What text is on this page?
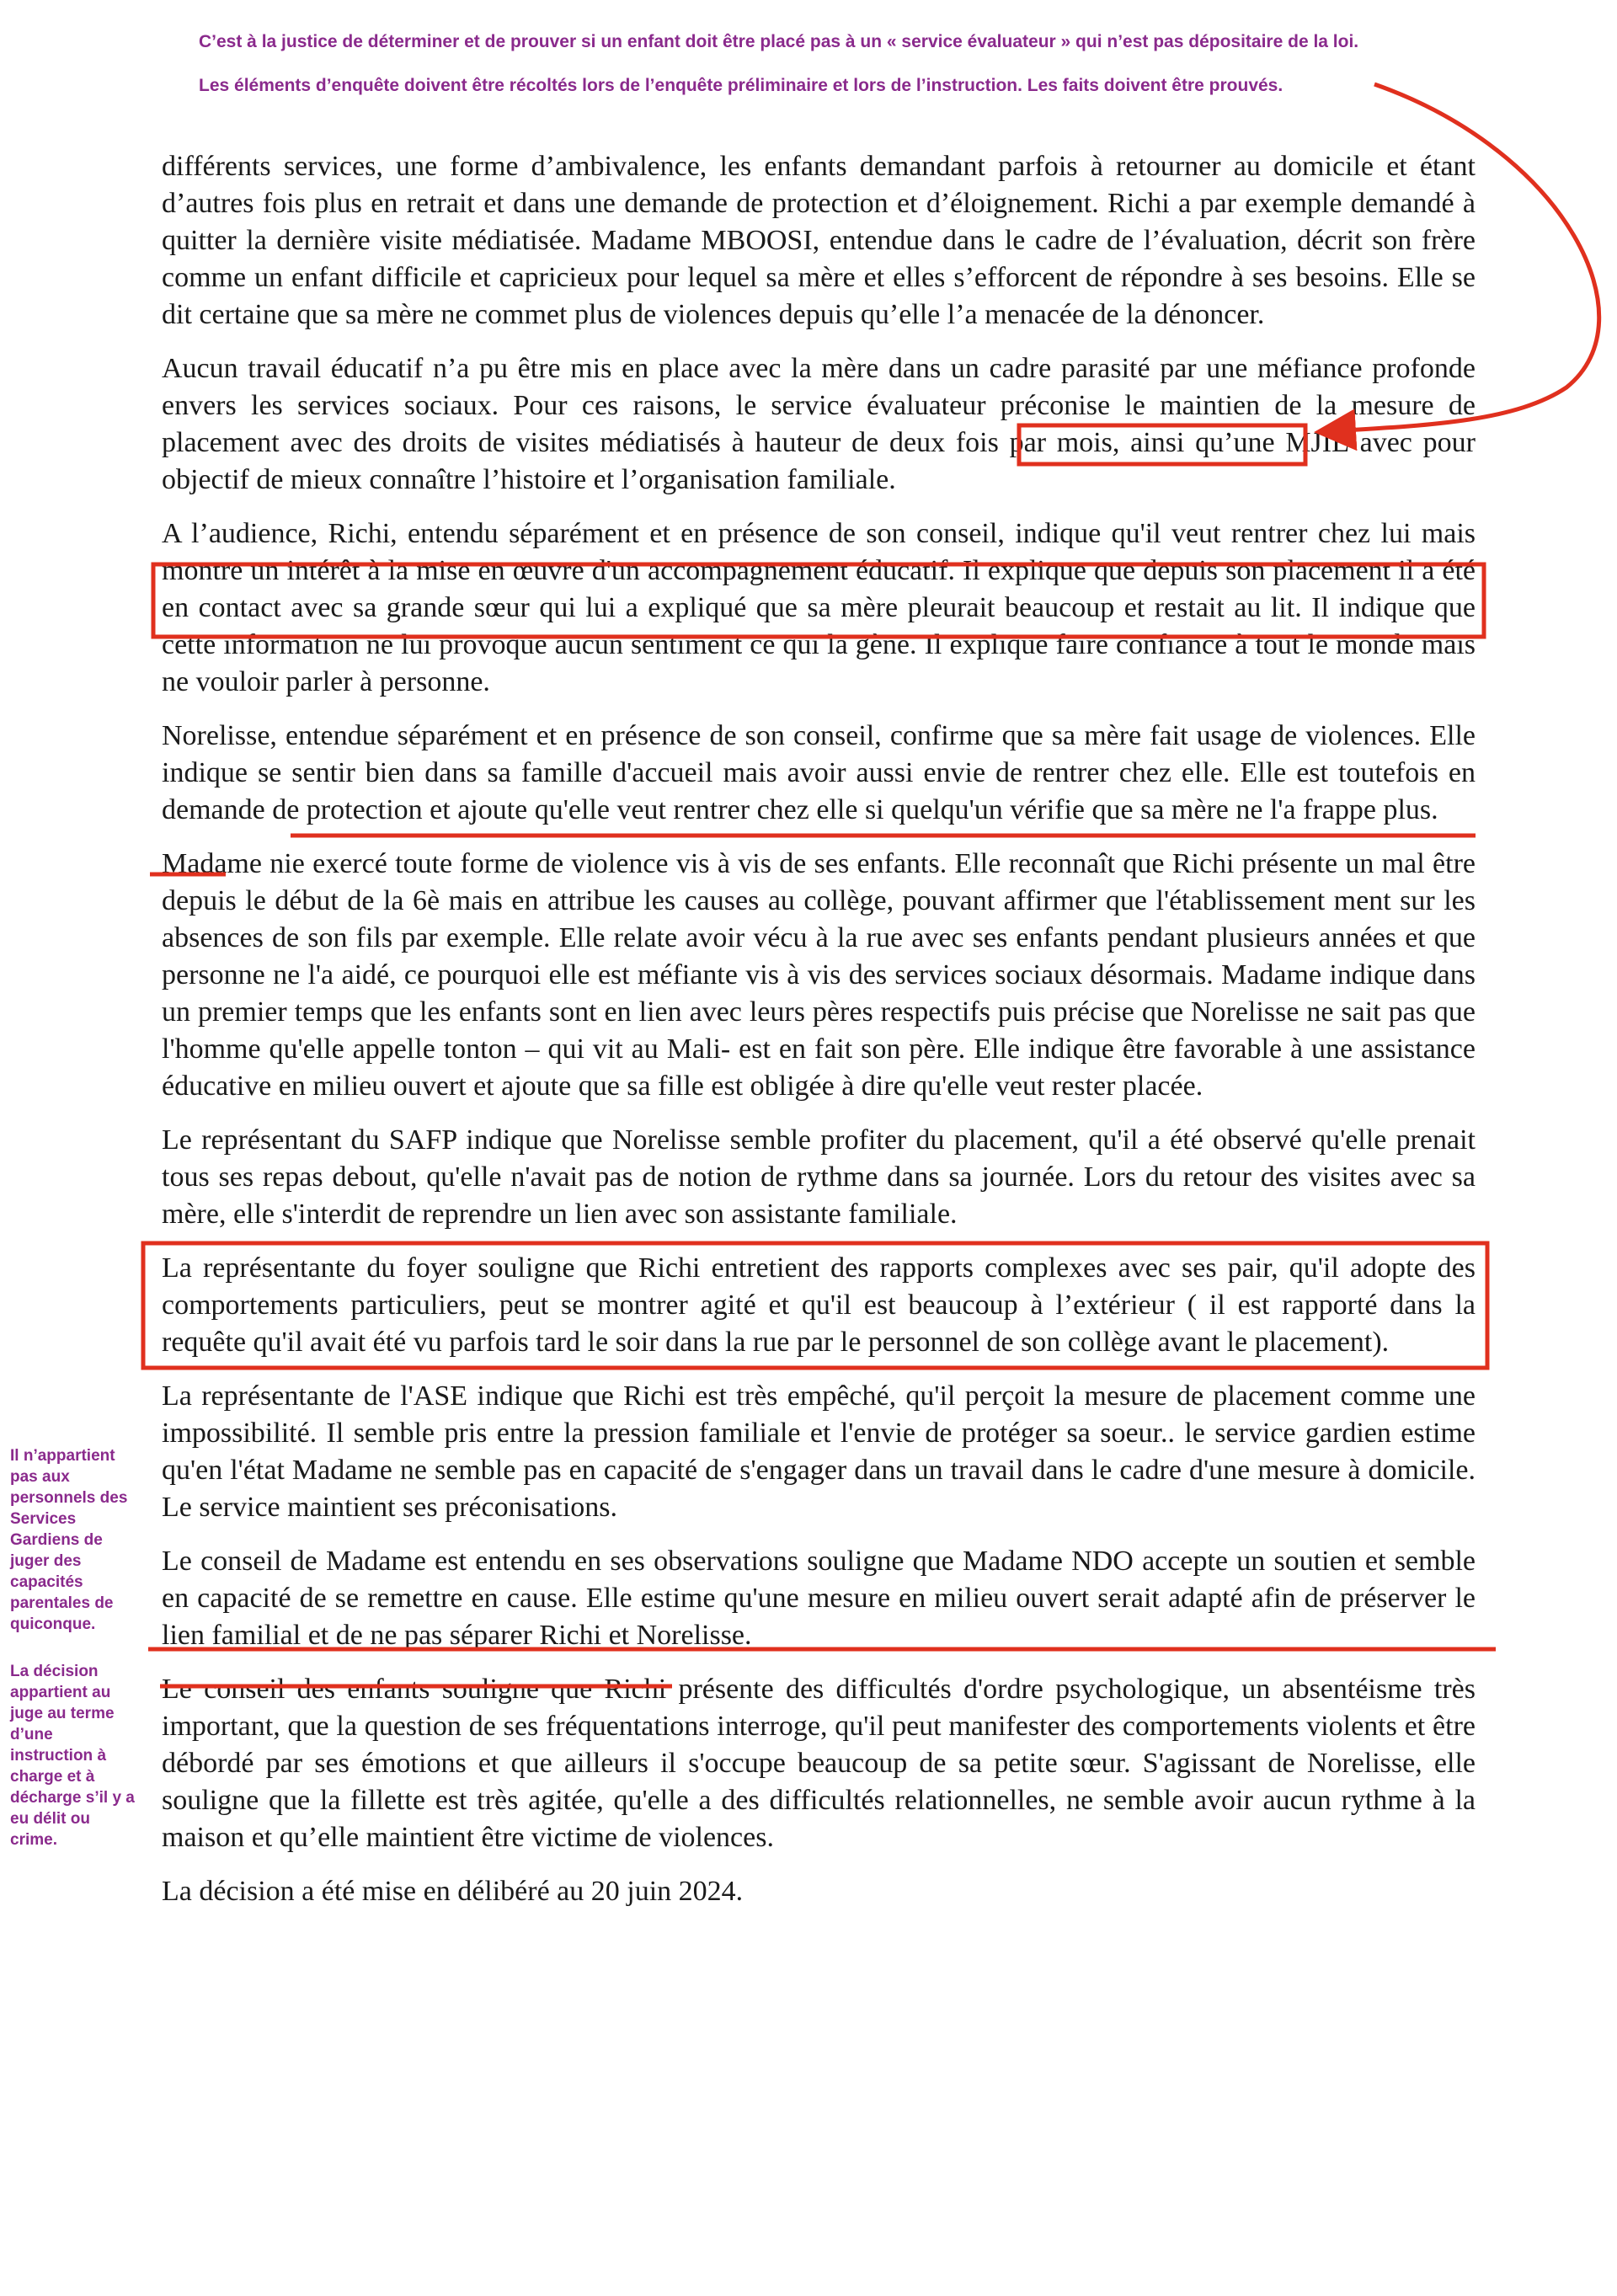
C’est à la justice de déterminer et de prouver si un enfant doit être placé pas à un « service évaluateur » qui n’est pas dépositaire de la loi.
Les éléments d’enquête doivent être récoltés lors de l’enquête préliminaire et lors de l’instruction. Les faits doivent être prouvés.
Il n’appartient pas aux personnels des Services Gardiens de juger des capacités parentales de quiconque.
La décision appartient au juge au terme d’une instruction à charge et à décharge s’il y a eu délit ou crime.

différents services, une forme d’ambivalence, les enfants demandant parfois à retourner au domicile et étant d’autres fois plus en retrait et dans une demande de protection et d’éloignement. Richi a par exemple demandé à quitter la dernière visite médiatisée. Madame MBOOSI, entendue dans le cadre de l’évaluation, décrit son frère comme un enfant difficile et capricieux pour lequel sa mère et elles s’efforcent de répondre à ses besoins. Elle se dit certaine que sa mère ne commet plus de violences depuis qu’elle l’a menacée de la dénoncer.

Aucun travail éducatif n’a pu être mis en place avec la mère dans un cadre parasité par une méfiance profonde envers les services sociaux. Pour ces raisons, le service évaluateur préconise le maintien de la mesure de placement avec des droits de visites médiatisés à hauteur de deux fois par mois, ainsi qu’une MJIE avec pour objectif de mieux connaître l’histoire et l’organisation familiale.

A l’audience, Richi, entendu séparément et en présence de son conseil, indique qu'il veut rentrer chez lui mais montre un intérêt à la mise en œuvre d'un accompagnement éducatif. Il explique que depuis son placement il a été en contact avec sa grande sœur qui lui a expliqué que sa mère pleurait beaucoup et restait au lit. Il indique que cette information ne lui provoque aucun sentiment ce qui la gène. Il explique faire confiance à tout le monde mais ne vouloir parler à personne.

Norelisse, entendue séparément et en présence de son conseil, confirme que sa mère fait usage de violences. Elle indique se sentir bien dans sa famille d'accueil mais avoir aussi envie de rentrer chez elle. Elle est toutefois en demande de protection et ajoute qu'elle veut rentrer chez elle si quelqu'un vérifie que sa mère ne l'a frappe plus.

Madame nie exercé toute forme de violence vis à vis de ses enfants. Elle reconnaît que Richi présente un mal être depuis le début de la 6è mais en attribue les causes au collège, pouvant affirmer que l'établissement ment sur les absences de son fils par exemple. Elle relate avoir vécu à la rue avec ses enfants pendant plusieurs années et que personne ne l'a aidé, ce pourquoi elle est méfiante vis à vis des services sociaux désormais. Madame indique dans un premier temps que les enfants sont en lien avec leurs pères respectifs puis précise que Norelisse ne sait pas que l'homme qu'elle appelle tonton – qui vit au Mali- est en fait son père. Elle indique être favorable à une assistance éducative en milieu ouvert et ajoute que sa fille est obligée à dire qu'elle veut rester placée.

Le représentant du SAFP indique que Norelisse semble profiter du placement, qu'il a été observé qu'elle prenait tous ses repas debout, qu'elle n'avait pas de notion de rythme dans sa journée. Lors du retour des visites avec sa mère, elle s'interdit de reprendre un lien avec son assistante familiale.

La représentante du foyer souligne que Richi entretient des rapports complexes avec ses pair, qu'il adopte des comportements particuliers, peut se montrer agité et qu'il est beaucoup à l’extérieur ( il est rapporté dans la requête qu'il avait été vu parfois tard le soir dans la rue par le personnel de son collège avant le placement).

La représentante de l'ASE indique que Richi est très empêché, qu'il perçoit la mesure de placement comme une impossibilité. Il semble pris entre la pression familiale et l'envie de protéger sa soeur.. le service gardien estime qu'en l'état Madame ne semble pas en capacité de s'engager dans un travail dans le cadre d'une mesure à domicile. Le service maintient ses préconisations.

Le conseil de Madame est entendu en ses observations souligne que Madame NDO accepte un soutien et semble en capacité de se remettre en cause. Elle estime qu'une mesure en milieu ouvert serait adapté afin de préserver le lien familial et de ne pas séparer Richi et Norelisse.

Le conseil des enfants souligne que Richi présente des difficultés d'ordre psychologique, un absentéisme très important, que la question de ses fréquentations interroge, qu'il peut manifester des comportements violents et être débordé par ses émotions et que ailleurs il s'occupe beaucoup de sa petite sœur. S'agissant de Norelisse, elle souligne que la fillette est très agitée, qu'elle a des difficultés relationnelles, ne semble avoir aucun rythme à la maison et qu’elle maintient être victime de violences.

La décision a été mise en délibéré au 20 juin 2024.
